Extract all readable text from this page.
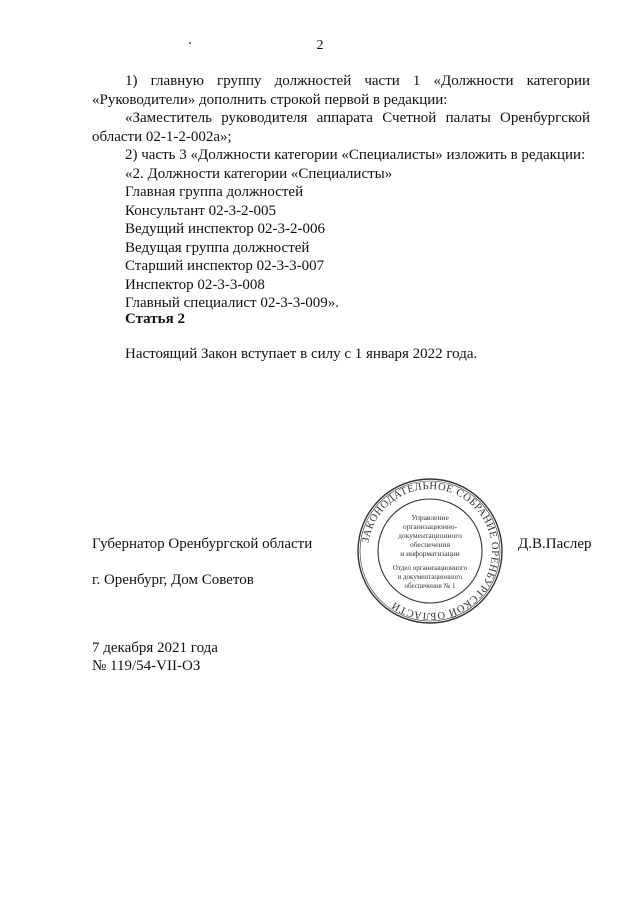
2

1) главную группу должностей части 1 «Должности категории

«Руководители» дополнить строкой первой в редакции:

«Заместитель руководителя аппарата Счетной палаты Оренбургской

области 02-1-2-002а»;

2) часть 3 «Должности категории «Специалисты» изложить в редакции:

«2. Должности категории «Специалисты»

Главная группа должностей

Консультант 02-3-2-005

Ведущий инспектор 02-3-2-006

Ведущая группа должностей

Старший инспектор 02-3-3-007

Инспектор 02-3-3-008

Главный специалист 02-3-3-009».

Статья 2
Настоящий Закон вступает в силу с 1 января 2022 года.
Губернатор Оренбургской области	Д.В.Паслер
г. Оренбург, Дом Советов
7 декабря 2021 года
№ 119/54-VII-ОЗ
ЗАКОНОДАТЕЛЬНОЕ СОБРАНИЕ ОРЕНБУРГСКОЙ ОБЛАСТИ
Управление
организационно-
документационного
обеспечения
и информатизации
Отдел организационного
и документационного
обеспечения № 1
